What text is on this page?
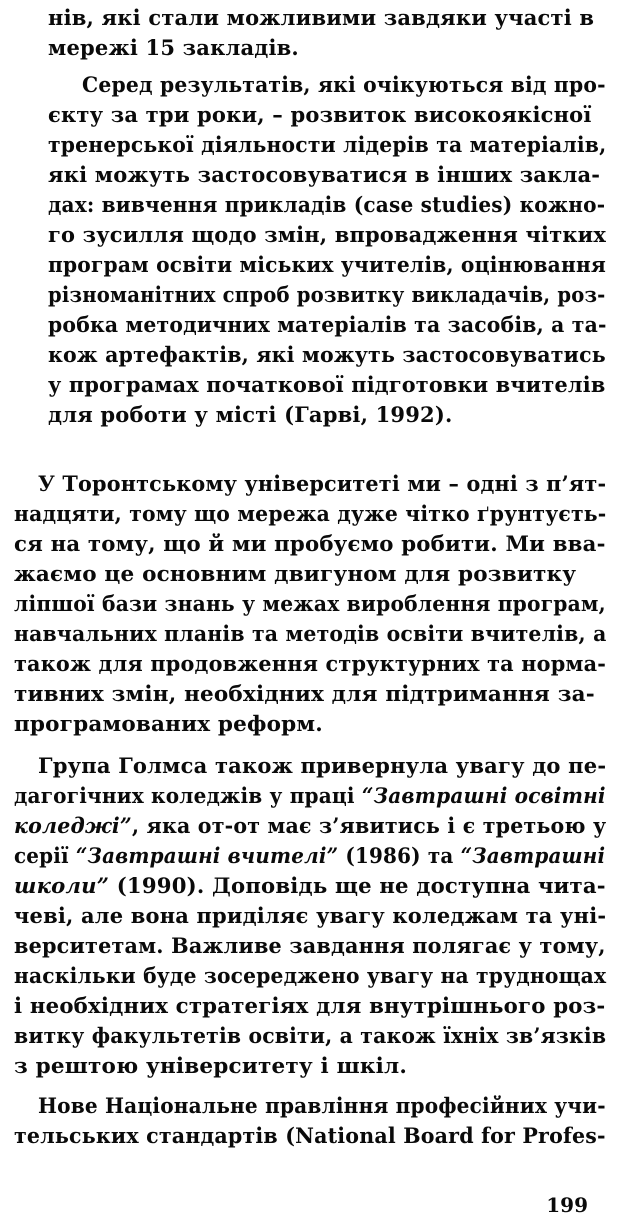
нів, які стали можливими завдяки участі в
мережі 15 закладів.
Серед результатів, які очікуються від про-
єкту за три роки, – розвиток високоякісної
тренерської діяльности лідерів та матеріалів,
які можуть застосовуватися в інших закла-
дах: вивчення прикладів (case studies) кожно-
го зусилля щодо змін, впровадження чітких
програм освіти міських учителів, оцінювання
різноманітних спроб розвитку викладачів, роз-
робка методичних матеріалів та засобів, а та-
кож артефактів, які можуть застосовуватись
у програмах початкової підготовки вчителів
для роботи у місті (Гарві, 1992).
У Торонтському університеті ми – одні з п’ят-
надцяти, тому що мережа дуже чітко ґрунтуєть-
ся на тому, що й ми пробуємо робити. Ми вва-
жаємо це основним двигуном для розвитку
ліпшої бази знань у межах вироблення програм,
навчальних планів та методів освіти вчителів, а
також для продовження структурних та норма-
тивних змін, необхідних для підтримання за-
програмованих реформ.
Група Голмса також привернула увагу до пе-
дагогічних коледжів у праці “Завтрашні освітні
коледжі”, яка от-от має з’явитись і є третьою у
серії “Завтрашні вчителі” (1986) та “Завтрашні
школи” (1990). Доповідь ще не доступна чита-
чеві, але вона приділяє увагу коледжам та уні-
верситетам. Важливе завдання полягає у тому,
наскільки буде зосереджено увагу на труднощах
і необхідних стратегіях для внутрішнього роз-
витку факультетів освіти, а також їхніх зв’язків
з рештою університету і шкіл.
Нове Національне правління професійних учи-
тельських стандартів (National Board for Profes-
199
